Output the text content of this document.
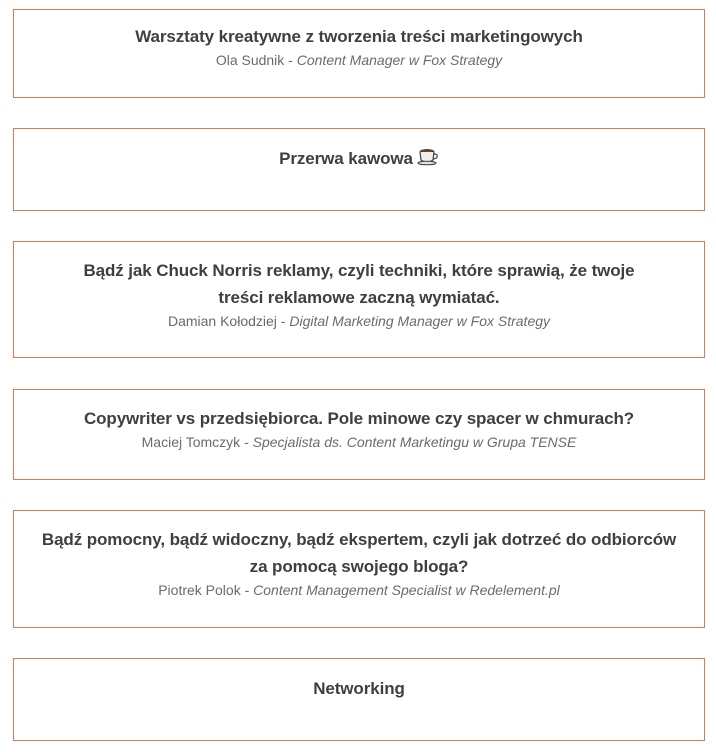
Warsztaty kreatywne z tworzenia treści marketingowych
Ola Sudnik - Content Manager w Fox Strategy
Przerwa kawowa
Bądź jak Chuck Norris reklamy, czyli techniki, które sprawią, że twoje treści reklamowe zaczną wymiatać.
Damian Kołodziej - Digital Marketing Manager w Fox Strategy
Copywriter vs przedsiębiorca. Pole minowe czy spacer w chmurach?
Maciej Tomczyk - Specjalista ds. Content Marketingu w Grupa TENSE
Bądź pomocny, bądź widoczny, bądź ekspertem, czyli jak dotrzeć do odbiorców za pomocą swojego bloga?
Piotrek Polok - Content Management Specialist w Redelement.pl
Networking
